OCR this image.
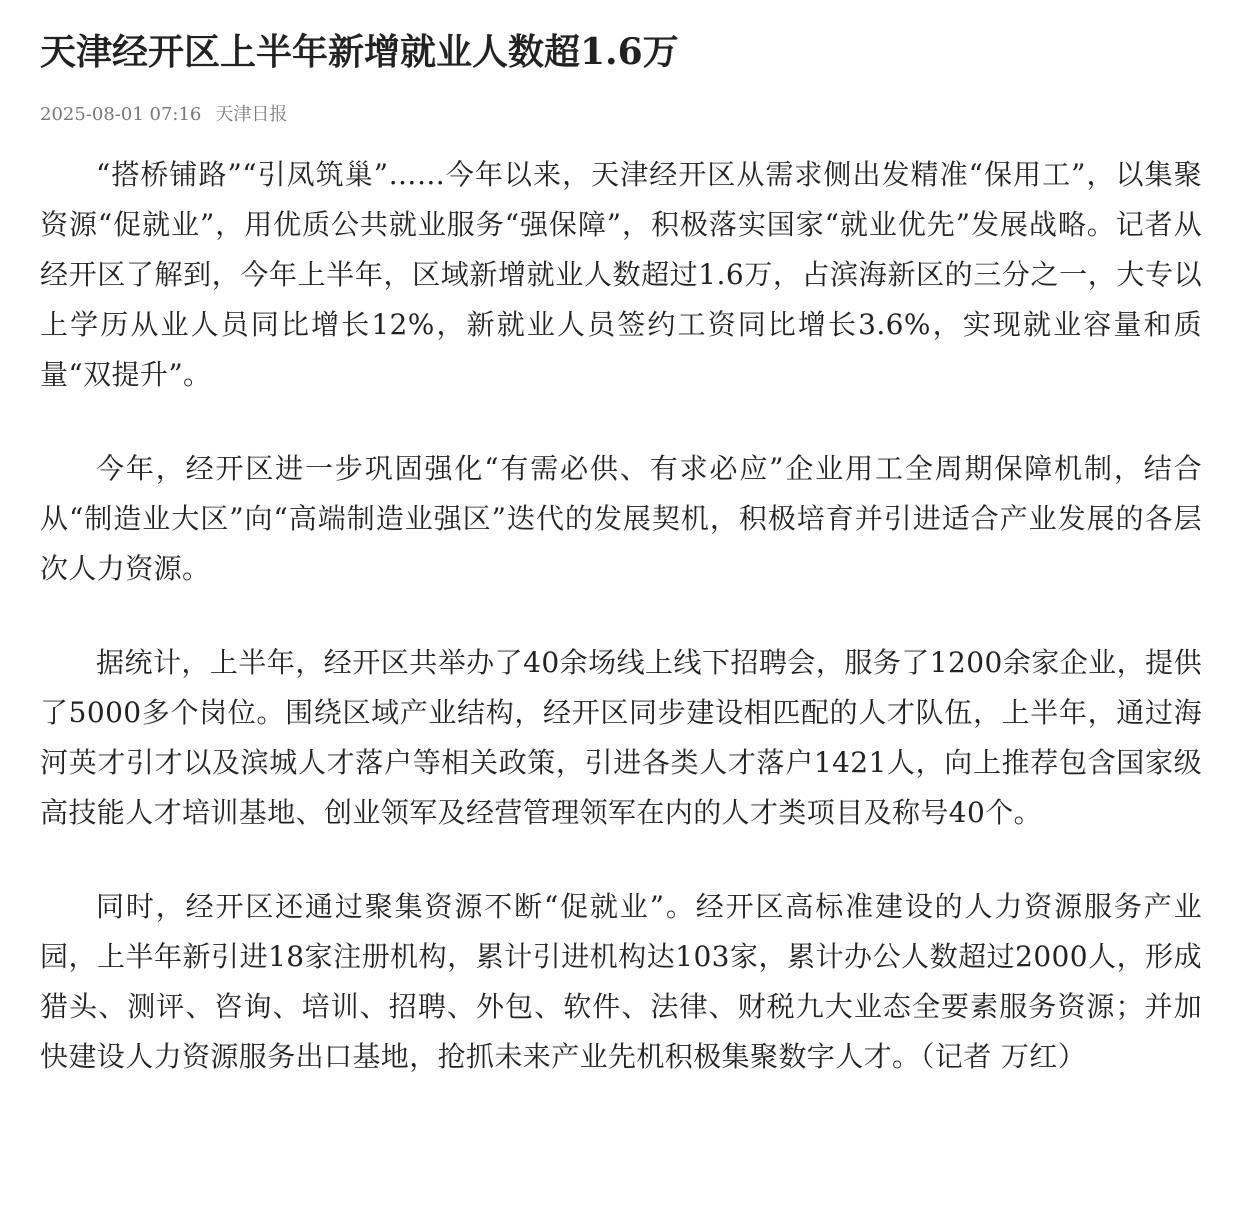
天津经开区上半年新增就业人数超1.6万
2025-08-01 07:16 天津日报

“搭桥铺路”“引凤筑巢”……今年以来，天津经开区从需求侧出发精准“保用工”，以集聚资源“促就业”，用优质公共就业服务“强保障”，积极落实国家“就业优先”发展战略。记者从经开区了解到，今年上半年，区域新增就业人数超过1.6万，占滨海新区的三分之一，大专以上学历从业人员同比增长12%，新就业人员签约工资同比增长3.6%，实现就业容量和质量“双提升”。

今年，经开区进一步巩固强化“有需必供、有求必应”企业用工全周期保障机制，结合从“制造业大区”向“高端制造业强区”迭代的发展契机，积极培育并引进适合产业发展的各层次人力资源。

据统计，上半年，经开区共举办了40余场线上线下招聘会，服务了1200余家企业，提供了5000多个岗位。围绕区域产业结构，经开区同步建设相匹配的人才队伍，上半年，通过海河英才引才以及滨城人才落户等相关政策，引进各类人才落户1421人，向上推荐包含国家级高技能人才培训基地、创业领军及经营管理领军在内的人才类项目及称号40个。

同时，经开区还通过聚集资源不断“促就业”。经开区高标准建设的人力资源服务产业园，上半年新引进18家注册机构，累计引进机构达103家，累计办公人数超过2000人，形成猎头、测评、咨询、培训、招聘、外包、软件、法律、财税九大业态全要素服务资源；并加快建设人力资源服务出口基地，抢抓未来产业先机积极集聚数字人才。（记者 万红）
